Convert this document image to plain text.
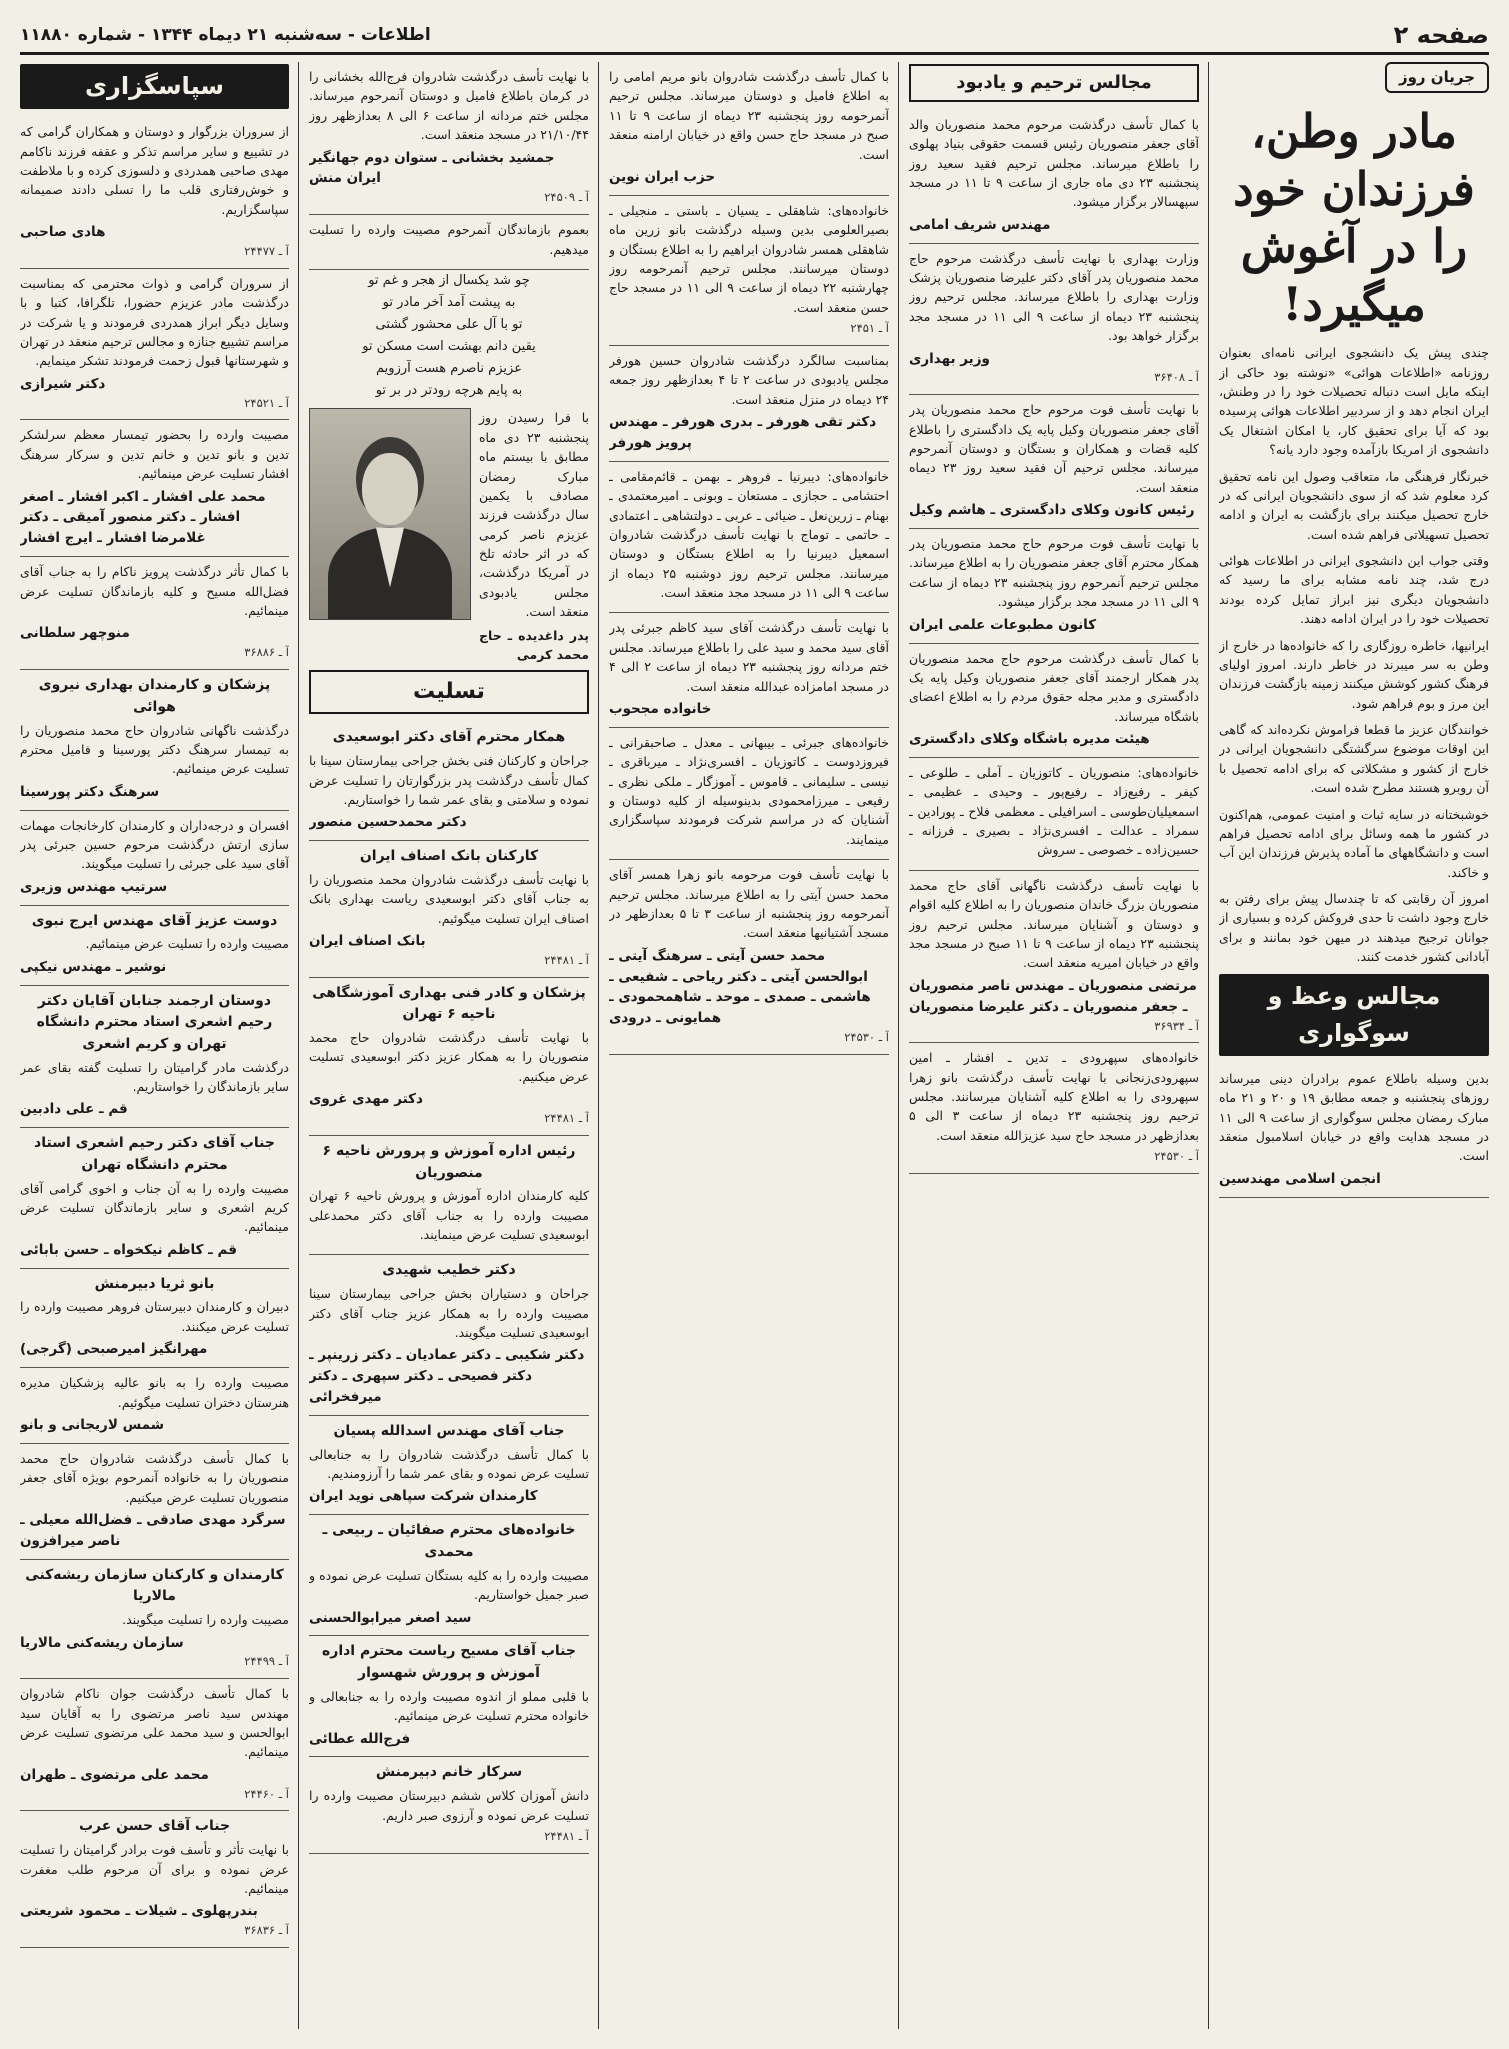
صفحه ۲
اطلاعات - سه‌شنبه ۲۱ دیماه ۱۳۴۴ - شماره ۱۱۸۸۰
جریان روز
مادر وطن، فرزندان خود را در آغوش میگیرد!

چندی پیش یک دانشجوی ایرانی نامه‌ای بعنوان روزنامه «اطلاعات هوائی» «نوشته بود حاکی از اینکه مایل است دنباله تحصیلات خود را در وطنش، ایران انجام دهد و از سردبیر اطلاعات هوائی پرسیده بود که آیا برای تحقیق کار، یا امکان اشتغال یک دانشجوی از امریکا بازآمده وجود دارد یانه؟

خبرنگار فرهنگی ما، متعاقب وصول این نامه تحقیق کرد معلوم شد که از سوی دانشجویان ایرانی که در خارج تحصیل میکنند برای بازگشت به ایران و ادامه تحصیل تسهیلاتی فراهم شده است.

وقتی جواب این دانشجوی ایرانی در اطلاعات هوائی درج شد، چند نامه مشابه برای ما رسید که دانشجویان دیگری نیز ابراز تمایل کرده بودند تحصیلات خود را در ایران ادامه دهند.

ایرانیها، خاطره روزگاری را که خانواده‌ها در خارج از وطن به سر میبرند در خاطر دارند. امروز اولیای فرهنگ کشور کوشش میکنند زمینه بازگشت فرزندان این مرز و بوم فراهم شود.

خوانندگان عزیز ما قطعا فراموش نکرده‌اند که گاهی این اوقات موضوع سرگشتگی دانشجویان ایرانی در خارج از کشور و مشکلاتی که برای ادامه تحصیل با آن روبرو هستند مطرح شده است.

خوشبختانه در سایه ثبات و امنیت عمومی، هم‌اکنون در کشور ما همه وسائل برای ادامه تحصیل فراهم است و دانشگاههای ما آماده پذیرش فرزندان این آب و خاکند.

امروز آن رقابتی که تا چندسال پیش برای رفتن به خارج وجود داشت تا حدی فروکش کرده و بسیاری از جوانان ترجیح میدهند در میهن خود بمانند و برای آبادانی کشور خدمت کنند.

مجالس وعظ و سوگواری
بدین وسیله باطلاع عموم برادران دینی میرساند روزهای پنجشنبه و جمعه مطابق ۱۹ و ۲۰ و ۲۱ ماه مبارک رمضان مجلس سوگواری از ساعت ۹ الی ۱۱ در مسجد هدایت واقع در خیابان اسلامبول منعقد است.
انجمن اسلامی مهندسین
مجالس ترحیم و یادبود
با کمال تأسف درگذشت مرحوم محمد منصوریان والد آقای جعفر منصوریان رئیس قسمت حقوقی بنیاد پهلوی را باطلاع میرساند. مجلس ترحیم فقید سعید روز پنجشنبه ۲۳ دی ماه جاری از ساعت ۹ تا ۱۱ در مسجد سپهسالار برگزار میشود.
مهندس شریف امامی
وزارت بهداری با نهایت تأسف درگذشت مرحوم حاج محمد منصوریان پدر آقای دکتر علیرضا منصوریان پزشک وزارت بهداری را باطلاع میرساند. مجلس ترحیم روز پنجشنبه ۲۳ دیماه از ساعت ۹ الی ۱۱ در مسجد مجد برگزار خواهد بود.
وزیر بهداری
آ ـ ۳۶۴۰۸
با نهایت تأسف فوت مرحوم حاج محمد منصوریان پدر آقای جعفر منصوریان وکیل پایه یک دادگستری را باطلاع کلیه قضات و همکاران و بستگان و دوستان آنمرحوم میرساند. مجلس ترحیم آن فقید سعید روز ۲۳ دیماه منعقد است.
رئیس کانون وکلای دادگستری ـ هاشم وکیل
با نهایت تأسف فوت مرحوم حاج محمد منصوریان پدر همکار محترم آقای جعفر منصوریان را به اطلاع میرساند. مجلس ترحیم آنمرحوم روز پنجشنبه ۲۳ دیماه از ساعت ۹ الی ۱۱ در مسجد مجد برگزار میشود.
کانون مطبوعات علمی ایران
با کمال تأسف درگذشت مرحوم حاج محمد منصوریان پدر همکار ارجمند آقای جعفر منصوریان وکیل پایه یک دادگستری و مدیر مجله حقوق مردم را به اطلاع اعضای باشگاه میرساند.
هیئت مدیره باشگاه وکلای دادگستری
خانواده‌های: منصوریان ـ کاتوزیان ـ آملی ـ طلوعی ـ کیفر ـ رفیع‌زاد ـ رفیع‌پور ـ وحیدی ـ عظیمی ـ اسمعیلیان‌طوسی ـ اسرافیلی ـ معظمی فلاح ـ پورادین ـ سمراد ـ عدالت ـ افسری‌نژاد ـ بصیری ـ فرزانه ـ حسین‌زاده ـ خصوصی ـ سروش
با نهایت تأسف درگذشت ناگهانی آقای حاج محمد منصوریان بزرگ خاندان منصوریان را به اطلاع کلیه اقوام و دوستان و آشنایان میرساند. مجلس ترحیم روز پنجشنبه ۲۳ دیماه از ساعت ۹ تا ۱۱ صبح در مسجد مجد واقع در خیابان امیریه منعقد است.
مرتضی منصوریان ـ مهندس ناصر منصوریان ـ جعفر منصوریان ـ دکتر علیرضا منصوریان
آ ـ ۳۶۹۳۴
خانواده‌های سپهرودی ـ تدین ـ افشار ـ امین سپهرودی‌زنجانی با نهایت تأسف درگذشت بانو زهرا سپهرودی را به اطلاع کلیه آشنایان میرسانند. مجلس ترحیم روز پنجشنبه ۲۳ دیماه از ساعت ۳ الی ۵ بعدازظهر در مسجد حاج سید عزیزالله منعقد است.
آ ـ ۲۴۵۳۰
با کمال تأسف درگذشت شادروان بانو مریم امامی را به اطلاع فامیل و دوستان میرساند. مجلس ترحیم آنمرحومه روز پنجشنبه ۲۳ دیماه از ساعت ۹ تا ۱۱ صبح در مسجد حاج حسن واقع در خیابان ارامنه منعقد است.
حزب ایران نوین
خانواده‌های: شاهقلی ـ یسیان ـ باستی ـ منجیلی ـ بصیرالعلومی بدین وسیله درگذشت بانو زرین ماه شاهقلی همسر شادروان ابراهیم را به اطلاع بستگان و دوستان میرسانند. مجلس ترحیم آنمرحومه روز چهارشنبه ۲۲ دیماه از ساعت ۹ الی ۱۱ در مسجد حاج حسن منعقد است.
آ ـ ۲۴۵۱
بمناسبت سالگرد درگذشت شادروان حسین هورفر مجلس یادبودی در ساعت ۲ تا ۴ بعدازظهر روز جمعه ۲۴ دیماه در منزل منعقد است.
دکتر تقی هورفر ـ بدری هورفر ـ مهندس پرویز هورفر
خانواده‌های: دیبرنیا ـ فروهر ـ بهمن ـ قائم‌مقامی ـ احتشامی ـ حجازی ـ مستعان ـ وبونی ـ امیرمعتمدی ـ بهنام ـ زرین‌نعل ـ ضیائی ـ عربی ـ دولتشاهی ـ اعتمادی ـ حاتمی ـ توماج با نهایت تأسف درگذشت شادروان اسمعیل دیبرنیا را به اطلاع بستگان و دوستان میرسانند. مجلس ترحیم روز دوشنبه ۲۵ دیماه از ساعت ۹ الی ۱۱ در مسجد مجد منعقد است.
با نهایت تأسف درگذشت آقای سید کاظم جبرئی پدر آقای سید محمد و سید علی را باطلاع میرساند. مجلس ختم مردانه روز پنجشنبه ۲۳ دیماه از ساعت ۲ الی ۴ در مسجد امامزاده عبدالله منعقد است.
خانواده مجحوب
خانواده‌های جبرئی ـ بیبهانی ـ معدل ـ صاحبقرانی ـ فیروزدوست ـ کاتوزیان ـ افسری‌نژاد ـ میرباقری ـ نیسی ـ سلیمانی ـ قاموس ـ آموزگار ـ ملکی نظری ـ رفیعی ـ میرزامحمودی بدینوسیله از کلیه دوستان و آشنایان که در مراسم شرکت فرمودند سپاسگزاری مینمایند.
با نهایت تأسف فوت مرحومه بانو زهرا همسر آقای محمد حسن آیتی را به اطلاع میرساند. مجلس ترحیم آنمرحومه روز پنجشنبه از ساعت ۳ تا ۵ بعدازظهر در مسجد آشتیانیها منعقد است.
محمد حسن آیتی ـ سرهنگ آیتی ـ ابوالحسن آیتی ـ دکتر ریاحی ـ شفیعی ـ هاشمی ـ صمدی ـ موحد ـ شاهمحمودی ـ همایونی ـ درودی
آ ـ ۲۴۵۳۰
با نهایت تأسف درگذشت شادروان فرج‌الله بخشانی را در کرمان باطلاع فامیل و دوستان آنمرحوم میرساند. مجلس ختم مردانه از ساعت ۶ الی ۸ بعدازظهر روز ۲۱/۱۰/۴۴ در مسجد منعقد است.
جمشید بخشانی ـ ستوان دوم جهانگیر ایران منش
آ ـ ۲۴۵۰۹
بعموم بازماندگان آنمرحوم مصیبت وارده را تسلیت میدهیم.
چو شد یکسال از هجر و غم تو
به پیشت آمد آخر مادر تو
تو با آل علی محشور گشتی
یقین دانم بهشت است مسکن تو
عزیزم ناصرم هست آرزویم
به پایم هرچه رودتر در بر تو
با فرا رسیدن روز پنجشنبه ۲۳ دی ماه مطابق با بیستم ماه مبارک رمضان مصادف با یکمین سال درگذشت فرزند عزیزم ناصر کرمی که در اثر حادثه تلخ در آمریکا درگذشت، مجلس یادبودی منعقد است.
پدر داغدیده ـ حاج محمد کرمی
تسلیت
همکار محترم آقای دکتر ابوسعیدی
جراحان و کارکنان فنی بخش جراحی بیمارستان سینا با کمال تأسف درگذشت پدر بزرگوارتان را تسلیت عرض نموده و سلامتی و بقای عمر شما را خواستاریم.
دکتر محمدحسین منصور
کارکنان بانک اصناف ایران
با نهایت تأسف درگذشت شادروان محمد منصوریان را به جناب آقای دکتر ابوسعیدی ریاست بهداری بانک اصناف ایران تسلیت میگوئیم.
بانک اصناف ایران
آ ـ ۲۴۴۸۱
پزشکان و کادر فنی بهداری آموزشگاهی ناحیه ۶ تهران
با نهایت تأسف درگذشت شادروان حاج محمد منصوریان را به همکار عزیز دکتر ابوسعیدی تسلیت عرض میکنیم.
دکتر مهدی غروی
آ ـ ۲۴۴۸۱
رئیس اداره آموزش و پرورش ناحیه ۶ منصوریان
کلیه کارمندان اداره آموزش و پرورش ناحیه ۶ تهران مصیبت وارده را به جناب آقای دکتر محمدعلی ابوسعیدی تسلیت عرض مینمایند.
دکتر خطیب شهیدی
جراحان و دستیاران بخش جراحی بیمارستان سینا مصیبت وارده را به همکار عزیز جناب آقای دکتر ابوسعیدی تسلیت میگویند.
دکتر شکیبی ـ دکتر عمادیان ـ دکتر زرینپر ـ دکتر فصیحی ـ دکتر سپهری ـ دکتر میرفخرائی
جناب آقای مهندس اسدالله پسیان
با کمال تأسف درگذشت شادروان را به جنابعالی تسلیت عرض نموده و بقای عمر شما را آرزومندیم.
کارمندان شرکت سپاهی نوید ایران
خانواده‌های محترم صفائیان ـ ربیعی ـ محمدی
مصیبت وارده را به کلیه بستگان تسلیت عرض نموده و صبر جمیل خواستاریم.
سید اصغر میرابوالحسنی
جناب آقای مسیح ریاست محترم اداره آموزش و پرورش شهسوار
با قلبی مملو از اندوه مصیبت وارده را به جنابعالی و خانواده محترم تسلیت عرض مینمائیم.
فرج‌الله عطائی
سرکار خانم دبیرمنش
دانش آموزان کلاس ششم دبیرستان مصیبت وارده را تسلیت عرض نموده و آرزوی صبر داریم.
آ ـ ۲۴۴۸۱
سپاسگزاری
از سروران بزرگوار و دوستان و همکاران گرامی که در تشییع و سایر مراسم تذکر و عقفه فرزند ناکامم مهدی صاحبی همدردی و دلسوزی کرده و با ملاطفت و خوش‌رفتاری قلب ما را تسلی دادند صمیمانه سپاسگزاریم.
هادی صاحبی
آ ـ ۲۴۴۷۷
از سروران گرامی و ذوات محترمی که بمناسبت درگذشت مادر عزیزم حضورا، تلگرافا، کتبا و با وسایل دیگر ابراز همدردی فرمودند و یا شرکت در مراسم تشییع جنازه و مجالس ترحیم منعقد در تهران و شهرستانها قبول زحمت فرمودند تشکر مینمایم.
دکتر شیرازی
آ ـ ۲۴۵۲۱
مصیبت وارده را بحضور تیمسار معظم سرلشکر تدین و بانو تدین و خانم تدین و سرکار سرهنگ افشار تسلیت عرض مینمائیم.
محمد علی افشار ـ اکبر افشار ـ اصغر افشار ـ دکتر منصور آمیقی ـ دکتر غلامرضا افشار ـ ایرج افشار
با کمال تأثر درگذشت پرویز ناکام را به جناب آقای فضل‌الله مسیح و کلیه بازماندگان تسلیت عرض مینمائیم.
منوچهر سلطانی
آ ـ ۳۶۸۸۶
پزشکان و کارمندان بهداری نیروی هوائی
درگذشت ناگهانی شادروان حاج محمد منصوریان را به تیمسار سرهنگ دکتر پورسینا و فامیل محترم تسلیت عرض مینمائیم.
سرهنگ دکتر پورسینا
افسران و درجه‌داران و کارمندان کارخانجات مهمات سازی ارتش درگذشت مرحوم حسین جبرئی پدر آقای سید علی جبرئی را تسلیت میگویند.
سرتیپ مهندس وزیری
دوست عزیز آقای مهندس ایرج نبوی
مصیبت وارده را تسلیت عرض مینمائیم.
نوشیر ـ مهندس نیکپی
دوستان ارجمند جنابان آقایان دکتر رحیم اشعری استاد محترم دانشگاه تهران و کریم اشعری
درگذشت مادر گرامیتان را تسلیت گفته بقای عمر سایر بازماندگان را خواستاریم.
قم ـ علی دادبین
جناب آقای دکتر رحیم اشعری استاد محترم دانشگاه تهران
مصیبت وارده را به آن جناب و اخوی گرامی آقای کریم اشعری و سایر بازماندگان تسلیت عرض مینمائیم.
قم ـ کاظم نیکخواه ـ حسن بابائی
بانو ثریا دبیرمنش
دبیران و کارمندان دبیرستان فروهر مصیبت وارده را تسلیت عرض میکنند.
مهرانگیز امیرصبحی (گرجی)
مصیبت وارده را به بانو عالیه پزشکیان مدیره هنرستان دختران تسلیت میگوئیم.
شمس لاریجانی و بانو
با کمال تأسف درگذشت شادروان حاج محمد منصوریان را به خانواده آنمرحوم بویژه آقای جعفر منصوریان تسلیت عرض میکنیم.
سرگرد مهدی صادقی ـ فضل‌الله معیلی ـ ناصر میرافزون
کارمندان و کارکنان سازمان ریشه‌کنی مالاریا
مصیبت وارده را تسلیت میگویند.
سازمان ریشه‌کنی مالاریا
آ ـ ۲۴۴۹۹
با کمال تأسف درگذشت جوان ناکام شادروان مهندس سید ناصر مرتضوی را به آقایان سید ابوالحسن و سید محمد علی مرتضوی تسلیت عرض مینمائیم.
محمد علی مرتضوی ـ طهران
آ ـ ۲۴۴۶۰
جناب آقای حسن عرب
با نهایت تأثر و تأسف فوت برادر گرامیتان را تسلیت عرض نموده و برای آن مرحوم طلب مغفرت مینمائیم.
بندرپهلوی ـ شیلات ـ محمود شریعتی
آ ـ ۳۶۸۳۶
